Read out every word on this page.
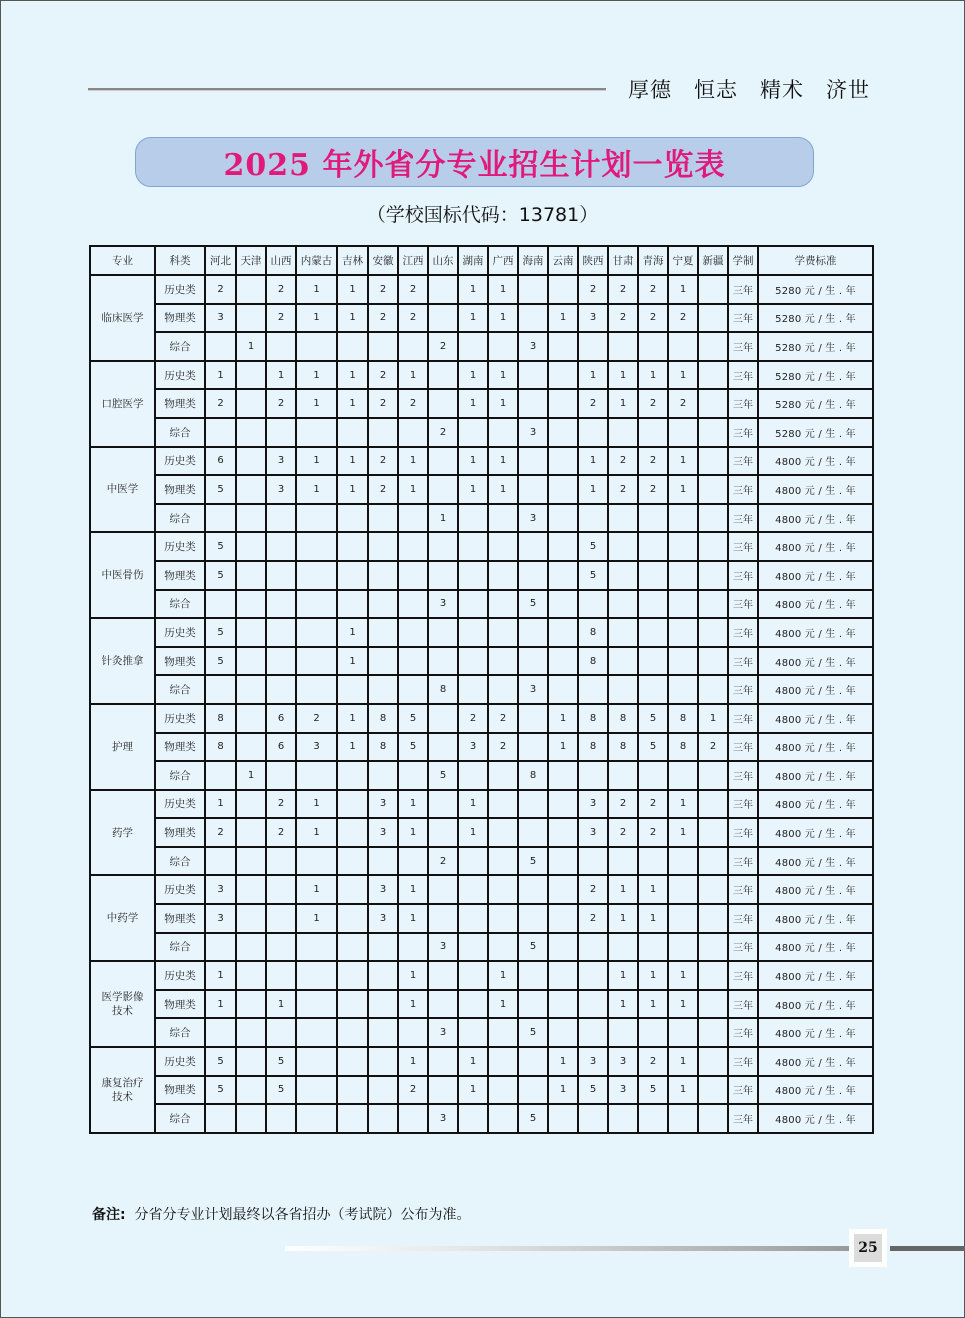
厚德 恒志 精术 济世
2025 年外省分专业招生计划一览表
（学校国标代码：13781）
专业	科类	河北	天津	山西	内蒙古	吉林	安徽	江西	山东	湖南	广西	海南	云南	陕西	甘肃	青海	宁夏	新疆	学制	学费标准
临床医学	历史类	2		2	1	1	2	2		1	1			2	2	2	1		三年	5280 元 / 生 . 年
	物理类	3		2	1	1	2	2		1	1		1	3	2	2	2		三年	5280 元 / 生 . 年
	综合		1						2			3							三年	5280 元 / 生 . 年
口腔医学	历史类	1		1	1	1	2	1		1	1			1	1	1	1		三年	5280 元 / 生 . 年
	物理类	2		2	1	1	2	2		1	1			2	1	2	2		三年	5280 元 / 生 . 年
	综合								2			3							三年	5280 元 / 生 . 年
中医学	历史类	6		3	1	1	2	1		1	1			1	2	2	1		三年	4800 元 / 生 . 年
	物理类	5		3	1	1	2	1		1	1			1	2	2	1		三年	4800 元 / 生 . 年
	综合								1			3							三年	4800 元 / 生 . 年
中医骨伤	历史类	5												5					三年	4800 元 / 生 . 年
	物理类	5												5					三年	4800 元 / 生 . 年
	综合								3			5							三年	4800 元 / 生 . 年
针灸推拿	历史类	5				1								8					三年	4800 元 / 生 . 年
	物理类	5				1								8					三年	4800 元 / 生 . 年
	综合								8			3							三年	4800 元 / 生 . 年
护理	历史类	8		6	2	1	8	5		2	2		1	8	8	5	8	1	三年	4800 元 / 生 . 年
	物理类	8		6	3	1	8	5		3	2		1	8	8	5	8	2	三年	4800 元 / 生 . 年
	综合		1						5			8							三年	4800 元 / 生 . 年
药学	历史类	1		2	1		3	1		1				3	2	2	1		三年	4800 元 / 生 . 年
	物理类	2		2	1		3	1		1				3	2	2	1		三年	4800 元 / 生 . 年
	综合								2			5							三年	4800 元 / 生 . 年
中药学	历史类	3			1		3	1						2	1	1			三年	4800 元 / 生 . 年
	物理类	3			1		3	1						2	1	1			三年	4800 元 / 生 . 年
	综合								3			5							三年	4800 元 / 生 . 年

医学影像
技术	历史类	1						1			1				1	1	1		三年	4800 元 / 生 . 年
	物理类	1		1				1			1				1	1	1		三年	4800 元 / 生 . 年
	综合								3			5							三年	4800 元 / 生 . 年

康复治疗
技术	历史类	5		5				1		1			1	3	3	2	1		三年	4800 元 / 生 . 年
	物理类	5		5				2		1			1	5	3	5	1		三年	4800 元 / 生 . 年
	综合								3			5							三年	4800 元 / 生 . 年
备注: 分省分专业计划最终以各省招办（考试院）公布为准。
25
